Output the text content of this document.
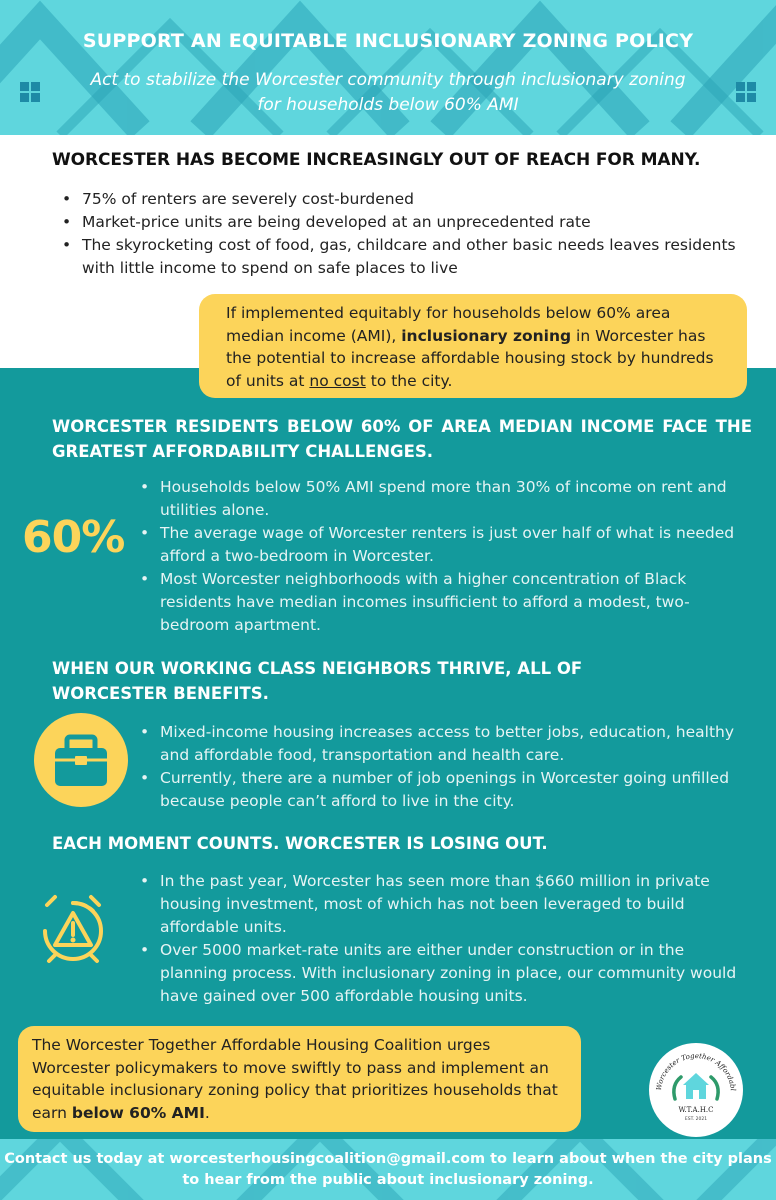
SUPPORT AN EQUITABLE INCLUSIONARY ZONING POLICY
Act to stabilize the Worcester community through inclusionary zoning for households below 60% AMI
WORCESTER HAS BECOME INCREASINGLY OUT OF REACH FOR MANY.
• 75% of renters are severely cost-burdened
• Market-price units are being developed at an unprecedented rate
• The skyrocketing cost of food, gas, childcare and other basic needs leaves residents with little income to spend on safe places to live
If implemented equitably for households below 60% area median income (AMI), inclusionary zoning in Worcester has the potential to increase affordable housing stock by hundreds of units at no cost to the city.
WORCESTER RESIDENTS BELOW 60% OF AREA MEDIAN INCOME FACE THE GREATEST AFFORDABILITY CHALLENGES.
60%
• Households below 50% AMI spend more than 30% of income on rent and utilities alone.
• The average wage of Worcester renters is just over half of what is needed afford a two-bedroom in Worcester.
• Most Worcester neighborhoods with a higher concentration of Black residents have median incomes insufficient to afford a modest, two-bedroom apartment.
WHEN OUR WORKING CLASS NEIGHBORS THRIVE, ALL OF WORCESTER BENEFITS.
• Mixed-income housing increases access to better jobs, education, healthy and affordable food, transportation and health care.
• Currently, there are a number of job openings in Worcester going unfilled because people can’t afford to live in the city.
EACH MOMENT COUNTS. WORCESTER IS LOSING OUT.
• In the past year, Worcester has seen more than $660 million in private housing investment, most of which has not been leveraged to build affordable units.
• Over 5000 market-rate units are either under construction or in the planning process. With inclusionary zoning in place, our community would have gained over 500 affordable housing units.
The Worcester Together Affordable Housing Coalition urges Worcester policymakers to move swiftly to pass and implement an equitable inclusionary zoning policy that prioritizes households that earn below 60% AMI.
Worcester Together Affordable
W.T.A.H.C
EST. 2021
Contact us today at worcesterhousingcoalition@gmail.com to learn about when the city plans to hear from the public about inclusionary zoning.
